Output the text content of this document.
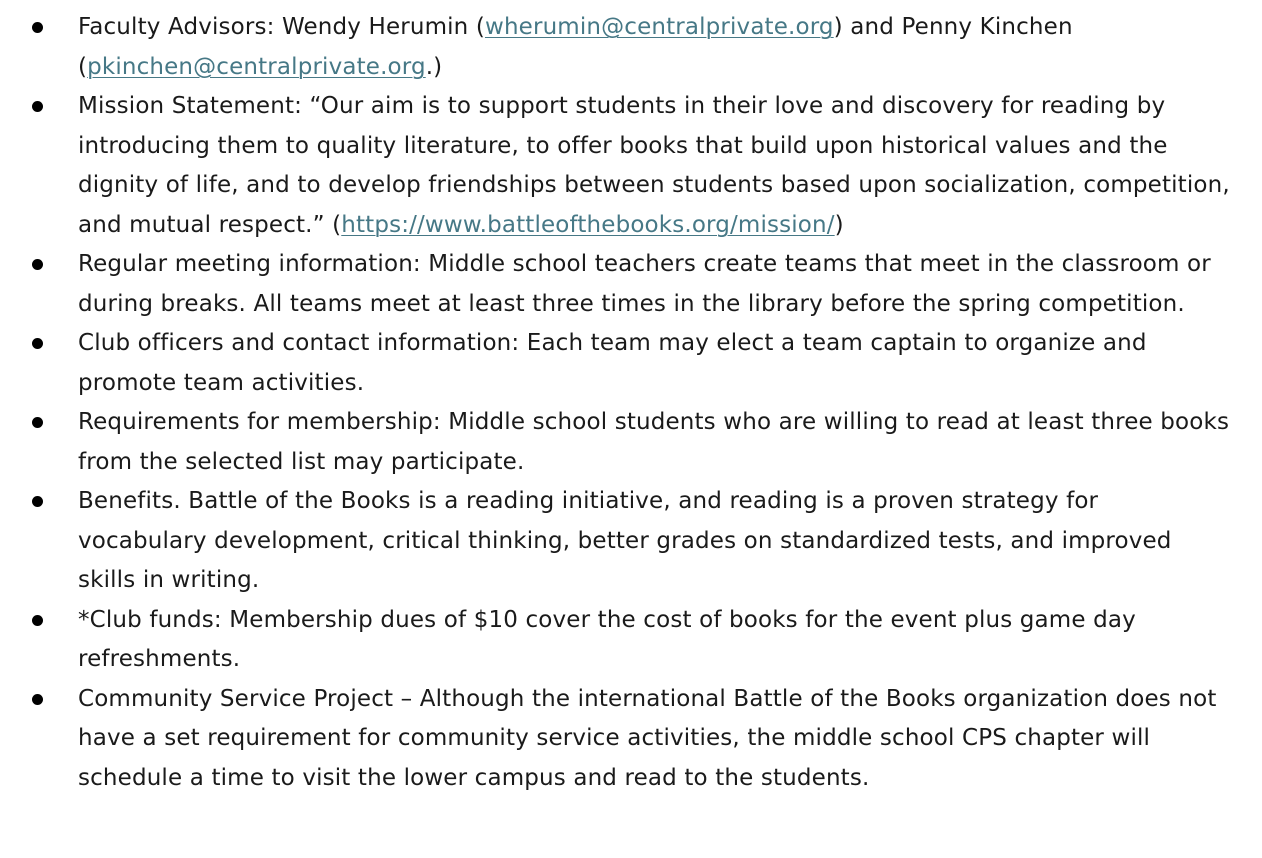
Faculty Advisors: Wendy Herumin (wherumin@centralprivate.org) and Penny Kinchen (pkinchen@centralprivate.org.)
Mission Statement: “Our aim is to support students in their love and discovery for reading by introducing them to quality literature, to offer books that build upon historical values and the dignity of life, and to develop friendships between students based upon socialization, competition, and mutual respect.” (https://www.battleofthebooks.org/mission/)
Regular meeting information: Middle school teachers create teams that meet in the classroom or during breaks. All teams meet at least three times in the library before the spring competition.
Club officers and contact information: Each team may elect a team captain to organize and promote team activities.
Requirements for membership: Middle school students who are willing to read at least three books from the selected list may participate.
Benefits. Battle of the Books is a reading initiative, and reading is a proven strategy for vocabulary development, critical thinking, better grades on standardized tests, and improved skills in writing.
*Club funds: Membership dues of $10 cover the cost of books for the event plus game day refreshments.
Community Service Project – Although the international Battle of the Books organization does not have a set requirement for community service activities, the middle school CPS chapter will schedule a time to visit the lower campus and read to the students.
